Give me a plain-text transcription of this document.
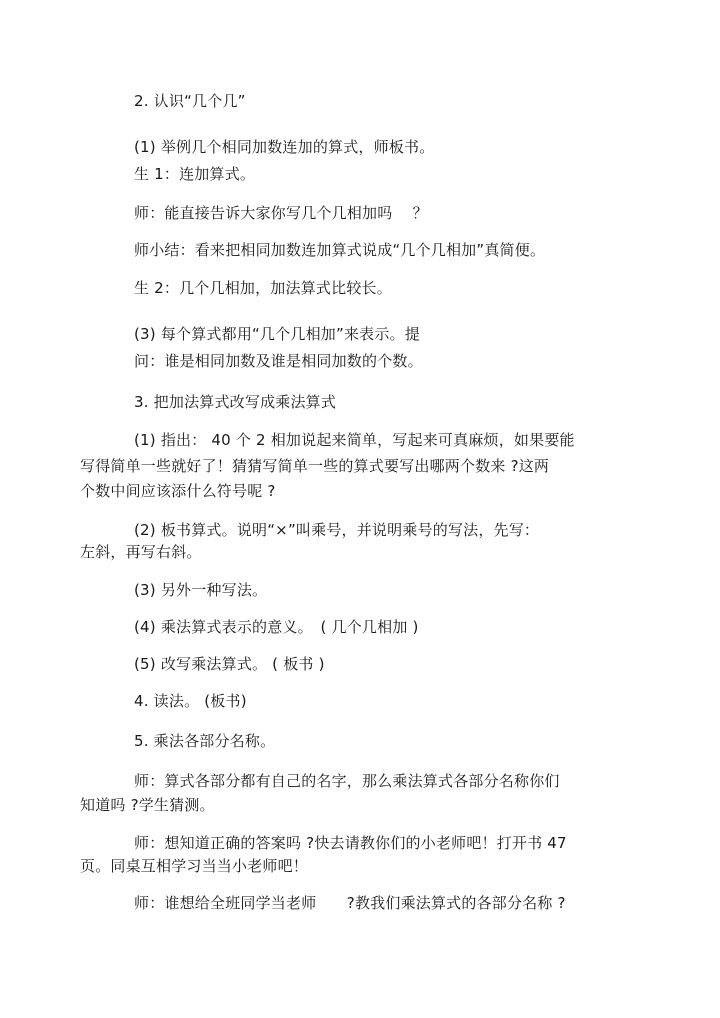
2. 认识“几个几”
(1) 举例几个相同加数连加的算式，师板书。
生 1：连加算式。
师：能直接告诉大家你写几个几相加吗　 ？
师小结：看来把相同加数连加算式说成“几个几相加”真简便。
生 2：几个几相加，加法算式比较长。
(3) 每个算式都用“几个几相加”来表示。提
问：谁是相同加数及谁是相同加数的个数。
3. 把加法算式改写成乘法算式
(1) 指出： 40 个 2 相加说起来简单，写起来可真麻烦，如果要能
写得简单一些就好了！猜猜写简单一些的算式要写出哪两个数来 ?这两
个数中间应该添什么符号呢 ?
(2) 板书算式。说明“×”叫乘号，并说明乘号的写法，先写：
左斜，再写右斜。
(3) 另外一种写法。
(4) 乘法算式表示的意义。　( 几个几相加 )
(5) 改写乘法算式。 ( 板书 )
4. 读法。 (板书)
5. 乘法各部分名称。
师：算式各部分都有自己的名字，那么乘法算式各部分名称你们
知道吗 ?学生猜测。
师：想知道正确的答案吗 ?快去请教你们的小老师吧！打开书 47
页。同桌互相学习当当小老师吧！
师：谁想给全班同学当老师　　?教我们乘法算式的各部分名称 ?
